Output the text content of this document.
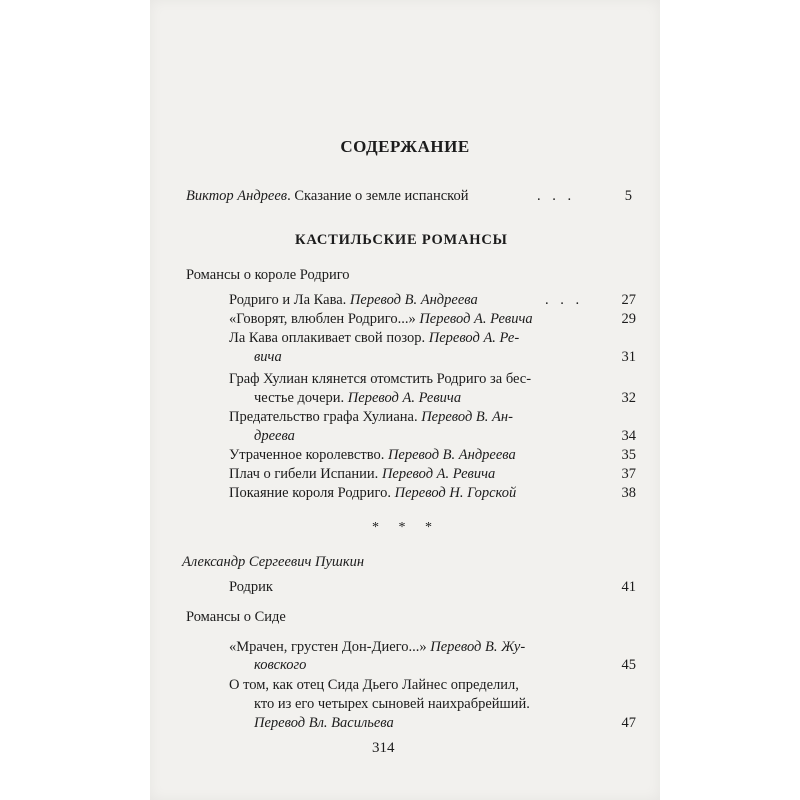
СОДЕРЖАНИЕ
Виктор Андреев. Сказание о земле испанской	. . .	5
КАСТИЛЬСКИЕ РОМАНСЫ
Романсы о короле Родриго
Родриго и Ла Кава. Перевод В. Андреева	. . .	27
«Говорят, влюблен Родриго...» Перевод А. Ревича	29
Ла Кава оплакивает свой позор. Перевод А. Ре-
вича	31
Граф Хулиан клянется отомстить Родриго за бес-
честье дочери. Перевод А. Ревича	32
Предательство графа Хулиана. Перевод В. Ан-
дреева	34
Утраченное королевство. Перевод В. Андреева	35
Плач о гибели Испании. Перевод А. Ревича	37
Покаяние короля Родриго. Перевод Н. Горской	38
* * *
Александр Сергеевич Пушкин
Родрик	41
Романсы о Сиде
«Мрачен, грустен Дон-Диего...» Перевод В. Жу-
ковского	45
О том, как отец Сида Дьего Лайнес определил,
кто из его четырех сыновей наихрабрейший.
Перевод Вл. Васильева	47
314
